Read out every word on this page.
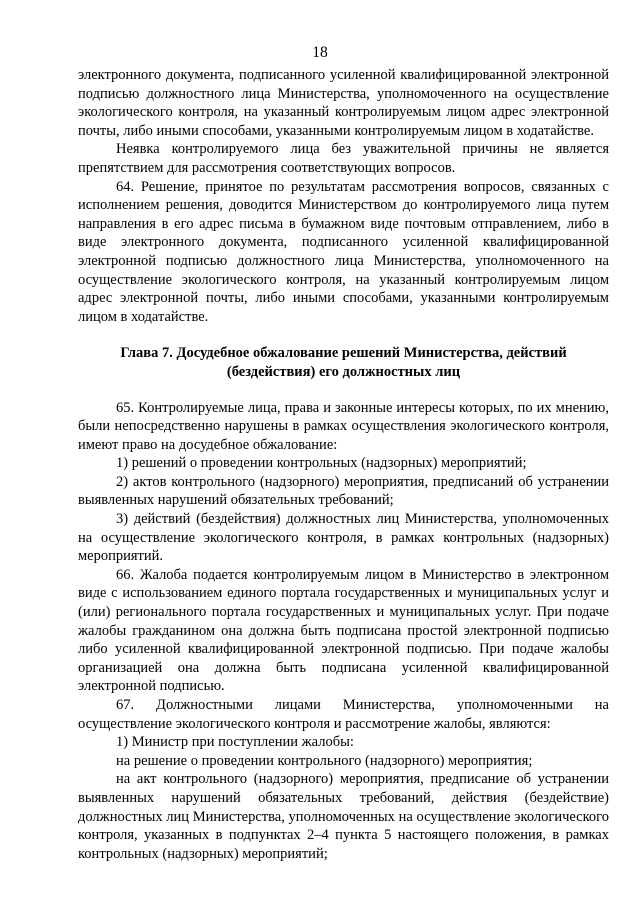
18

электронного документа, подписанного усиленной квалифицированной электронной подписью должностного лица Министерства, уполномоченного на осуществление экологического контроля, на указанный контролируемым лицом адрес электронной почты, либо иными способами, указанными контролируемым лицом в ходатайстве.

Неявка контролируемого лица без уважительной причины не является препятствием для рассмотрения соответствующих вопросов.

64. Решение, принятое по результатам рассмотрения вопросов, связанных с исполнением решения, доводится Министерством до контролируемого лица путем направления в его адрес письма в бумажном виде почтовым отправлением, либо в виде электронного документа, подписанного усиленной квалифицированной электронной подписью должностного лица Министерства, уполномоченного на осуществление экологического контроля, на указанный контролируемым лицом адрес электронной почты, либо иными способами, указанными контролируемым лицом в ходатайстве.

Глава 7. Досудебное обжалование решений Министерства, действий (бездействия) его должностных лиц

65. Контролируемые лица, права и законные интересы которых, по их мнению, были непосредственно нарушены в рамках осуществления экологического контроля, имеют право на досудебное обжалование:

1) решений о проведении контрольных (надзорных) мероприятий;

2) актов контрольного (надзорного) мероприятия, предписаний об устранении выявленных нарушений обязательных требований;

3) действий (бездействия) должностных лиц Министерства, уполномоченных на осуществление экологического контроля, в рамках контрольных (надзорных) мероприятий.

66. Жалоба подается контролируемым лицом в Министерство в электронном виде с использованием единого портала государственных и муниципальных услуг и (или) регионального портала государственных и муниципальных услуг. При подаче жалобы гражданином она должна быть подписана простой электронной подписью либо усиленной квалифицированной электронной подписью. При подаче жалобы организацией она должна быть подписана усиленной квалифицированной электронной подписью.

67. Должностными лицами Министерства, уполномоченными на осуществление экологического контроля и рассмотрение жалобы, являются:

1) Министр при поступлении жалобы:

на решение о проведении контрольного (надзорного) мероприятия;

на акт контрольного (надзорного) мероприятия, предписание об устранении выявленных нарушений обязательных требований, действия (бездействие) должностных лиц Министерства, уполномоченных на осуществление экологического контроля, указанных в подпунктах 2–4 пункта 5 настоящего положения, в рамках контрольных (надзорных) мероприятий;
